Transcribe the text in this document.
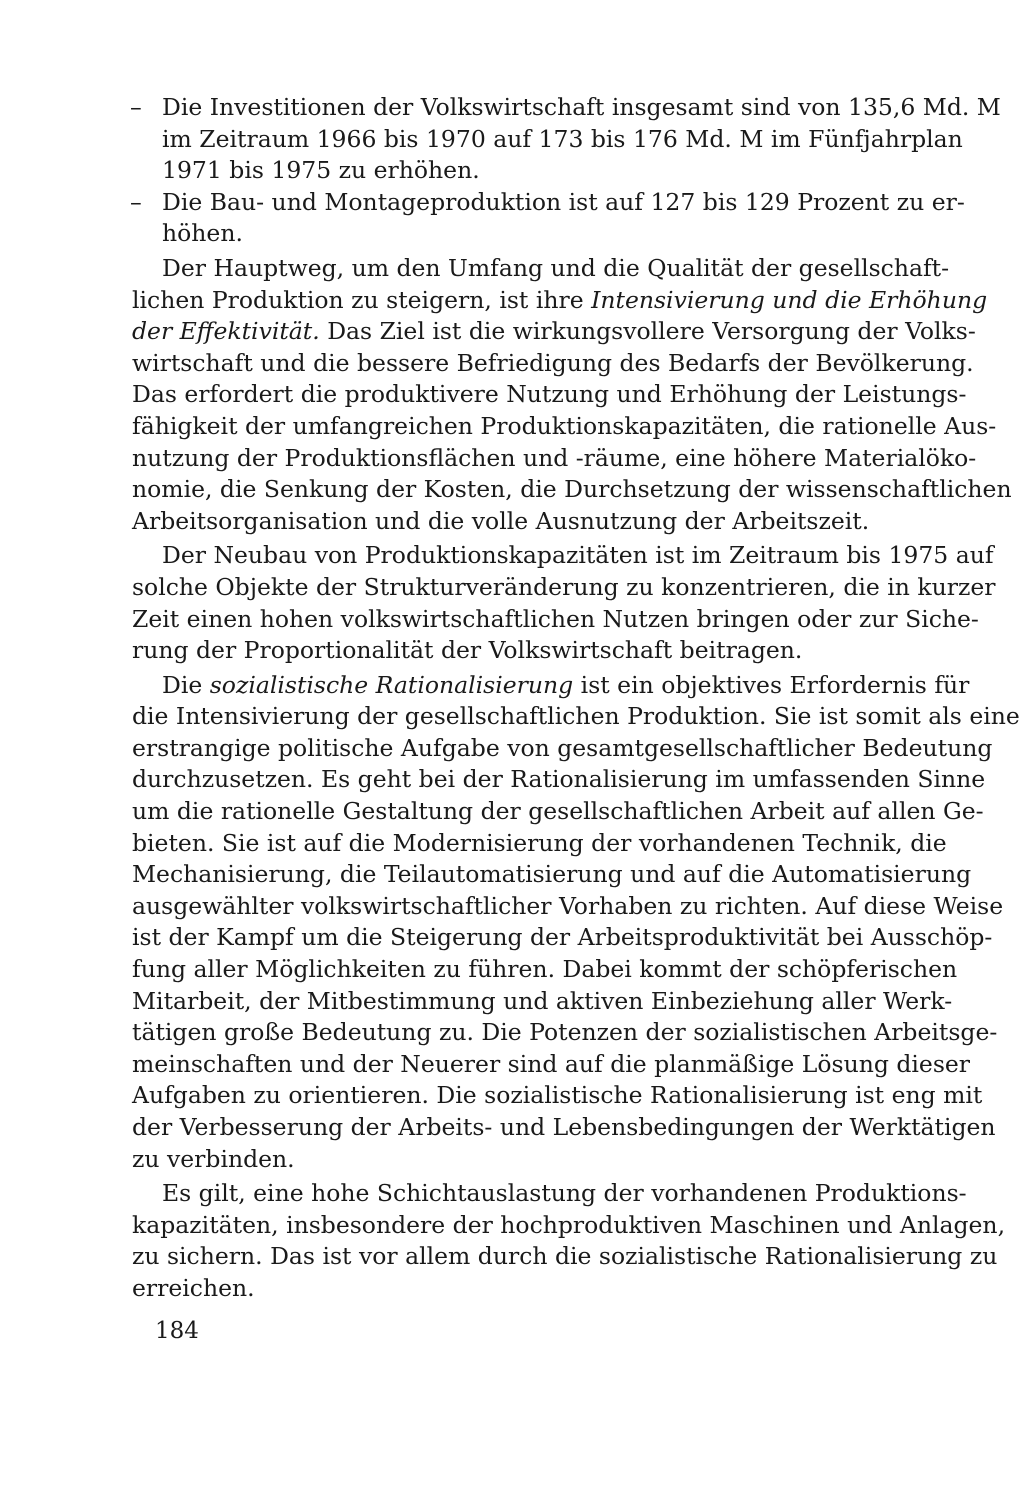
– Die Investitionen der Volkswirtschaft insgesamt sind von 135,6 Md. M
im Zeitraum 1966 bis 1970 auf 173 bis 176 Md. M im Fünfjahrplan
1971 bis 1975 zu erhöhen.
– Die Bau- und Montageproduktion ist auf 127 bis 129 Prozent zu er-
höhen.
Der Hauptweg, um den Umfang und die Qualität der gesellschaft-
lichen Produktion zu steigern, ist ihre Intensivierung und die Erhöhung
der Effektivität. Das Ziel ist die wirkungsvollere Versorgung der Volks-
wirtschaft und die bessere Befriedigung des Bedarfs der Bevölkerung.
Das erfordert die produktivere Nutzung und Erhöhung der Leistungs-
fähigkeit der umfangreichen Produktionskapazitäten, die rationelle Aus-
nutzung der Produktionsflächen und -räume, eine höhere Materialöko-
nomie, die Senkung der Kosten, die Durchsetzung der wissenschaftlichen
Arbeitsorganisation und die volle Ausnutzung der Arbeitszeit.
Der Neubau von Produktionskapazitäten ist im Zeitraum bis 1975 auf
solche Objekte der Strukturveränderung zu konzentrieren, die in kurzer
Zeit einen hohen volkswirtschaftlichen Nutzen bringen oder zur Siche-
rung der Proportionalität der Volkswirtschaft beitragen.
Die sozialistische Rationalisierung ist ein objektives Erfordernis für
die Intensivierung der gesellschaftlichen Produktion. Sie ist somit als eine
erstrangige politische Aufgabe von gesamtgesellschaftlicher Bedeutung
durchzusetzen. Es geht bei der Rationalisierung im umfassenden Sinne
um die rationelle Gestaltung der gesellschaftlichen Arbeit auf allen Ge-
bieten. Sie ist auf die Modernisierung der vorhandenen Technik, die
Mechanisierung, die Teilautomatisierung und auf die Automatisierung
ausgewählter volkswirtschaftlicher Vorhaben zu richten. Auf diese Weise
ist der Kampf um die Steigerung der Arbeitsproduktivität bei Ausschöp-
fung aller Möglichkeiten zu führen. Dabei kommt der schöpferischen
Mitarbeit, der Mitbestimmung und aktiven Einbeziehung aller Werk-
tätigen große Bedeutung zu. Die Potenzen der sozialistischen Arbeitsge-
meinschaften und der Neuerer sind auf die planmäßige Lösung dieser
Aufgaben zu orientieren. Die sozialistische Rationalisierung ist eng mit
der Verbesserung der Arbeits- und Lebensbedingungen der Werktätigen
zu verbinden.
Es gilt, eine hohe Schichtauslastung der vorhandenen Produktions-
kapazitäten, insbesondere der hochproduktiven Maschinen und Anlagen,
zu sichern. Das ist vor allem durch die sozialistische Rationalisierung zu
erreichen.
184
